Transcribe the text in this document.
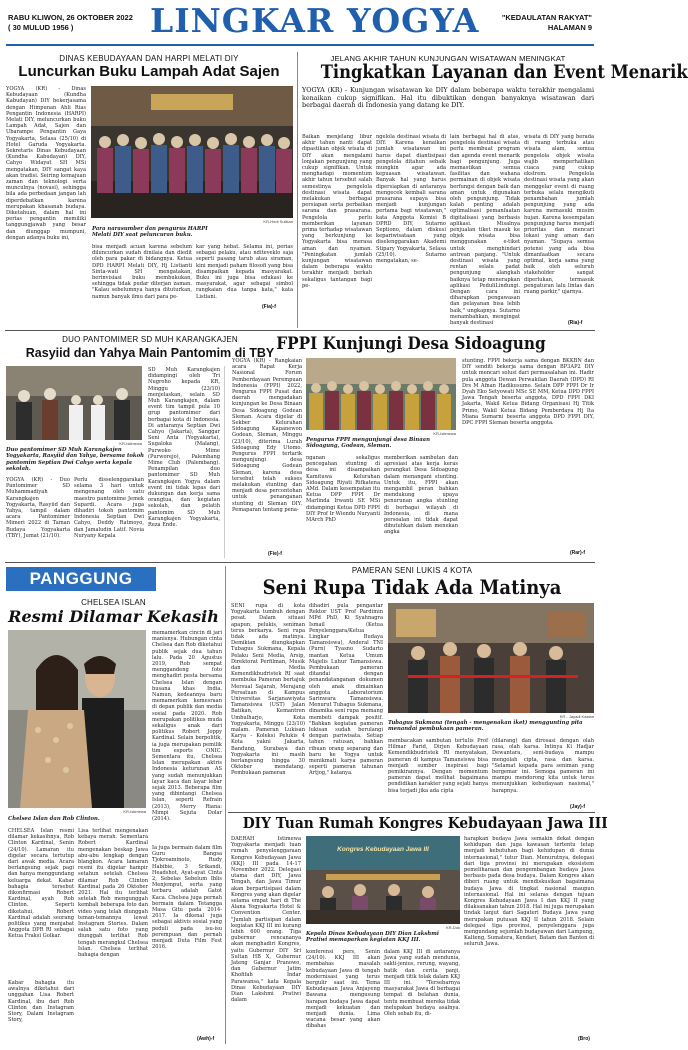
RABU KLIWON, 26 OKTOBER 2022
( 30 MULUD 1956 ) LINGKAR YOGYA	"KEDAULATAN RAKYAT"
HALAMAN 9
DINAS KEBUDAYAAN DAN HARPI MELATI DIY
Luncurkan Buku Lampah Adat Sajen
YOGYA (KR) - Dinas Kebudayaan (Kundha Kabudayan) DIY bekerjasama dengan Himpunan Ahli Rias Pengantin Indonesia (HARPI) Melati DIY, meluncurkan buku Lampah Adat, Sajen dan Ubarampe Pengantin Gaya Yogyakarta, Selasa (25/10) di Hotel Garuda Yogyakarta. Sekretaris Dinas Kebudayaan (Kundha Kabudayan) DIY, Cahyo Widayat SH MSi mengatakan, DIY sangat kaya akan tradisi. Seiring kemajuan zaman dan teknologi serta munculnya (novasi), sehingga bila ada perbedaan jangan lah diperdebatkan karena merupakan khasanah budaya. Diketahuan, dalam hal ini perias pengantin memiliki tanggungjawab yang besar dan diunggap mumpuni, dengan adanya buku ini,
KR-Hedi Sutikan
Para narasumber dan pengurus HARPI Melati DIY saat peluncuran buku.
bisa menjadi acuan karena sebelum diluncurkan sudah dinilaia dan diedit oleh para pakar di bidangnya. Ketua DPD HARPI Melati DIY, Hj Listianti Sinta-wati SH mengatakan, berinvisiasi buku membukukan, sehingga tidak pudar diterjan zaman. "Kalau sebelumnya hanya dituturkan, namun banyak ilmu dari para pe-
kar yang hebat. Selama ini, perias sebagai pelaku, atau nditeveklo saja seperti pasang tarub atau siraman, kini menjadi paham filosofi yang bisa disampaikan kepada masyarakat. Buku ini juga bisa edukasi ke masyarakat, agar sebagai simbol rangkaian dua tanpa kata," kata Listiani.
(Fia)-f
JELANG AKHIR TAHUN KUNJUNGAN WISATAWAN MENINGKAT
Tingkatkan Layanan dan Event Menarik
YOGYA (KR) - Kunjungan wisatawan ke DIY dalam beberapa waktu terakhir mengalami kenaikan cukup signifikan. Hal itu dibuktikan dengan banyaknya wisatawan dari berbagai daerah di Indonesia yang datang ke DIY.
Baikan menjelang libur akhir tahun nanti dapat dipastikan objek wisata di DIY akan mengalami lonjakan pengunjung yang cukup signifikan. Untuk menghadapi momentum akhir tahun tersebut salah semestinya pengelola destinasi wisata dapat melakukan berbagai persiapan serta perbaikan sarana dan prasarana. Pengelola perlu memberikan layanan prima terhadap wisatawan yang berkunjung ke Yogyakarta bisa merasa aman dan nyaman. "Peningkatan jumlah kunjungan wisatawan dalam beberapa waktu terakhir menjadi berkah sekaligus tantangan bagi pe-
ngelola destinasi wisata di DIY. Karena kenaikan jumlah wisatawan ini harus dapat diantisipasi pengelola ditahun sebaik mungkin agar ada kepuasan wisatawan. Banyak hal yang harus dipersiapkan di antaranya mengecek kembali sarana prasarana supaya bisa menjadi kunjungan pertama bagi wisatawan," kata Anggota Komisi B DPRD DIY, Sutarno Septiono, dalam diskusi kepariwisataan yang diselenggarakan Akademi Stipary Yogyakarta, Selasa (25/10). Sutarno mengatakan, se-
lain berbagai hal di atas, pengelola destinasi wisata perlu membuat program dan agenda event menarik bagi pengunjung. Juga memastikan semua fasilitas dan wahana permainan di objek wisata berfungsi dengan baik dan aman untuk digunakan oleh pengunjung. Tidak kalah penting adalah optimalisasi pemanfaatan digitalisasi yang berbasis aplikasi. Misalnya penjualan tiket masuk ke objek wisata bisa menggunakan e-tiket untuk menghindari antrean panjang. "Untuk destinasi wisata yang rentan selalu padat pengunjung alangkah baiknya tetap menerapkan aplikasi PeduliLindungi. Dengan cara ini diharapkan pengawasan dan pelayanan bisa lebih baik," ungkapnya. Sutarno menambahkan, mengingat banyak destinasi
wisata di DIY yang berada di ruang terbuka atau wisata alam, semua pengelola objek wisata wajib memperhatikan cuaca yang cukup ekstrem. Pengelola destinasi wisata yang akan menggelar event di ruang terbuka selalu mengikuti penambahan jumlah pengunjung yang ada karena memasuki musim hujan. Karena kesempatan pengunjung harus menjadi prioritas dan mencari lokasi yang aman dan nyaman. "Supaya semua potensi yang ada bisa dimanfaatkan secara optimal, kerja sama yang baik oleh seluruh stakeholder sangat diperlukan, termasuk pengaturan lalu lintas dan ruang parkir," ujarnya.
(Ria)-f
DUO PANTOMIMER SD MUH KARANGKAJEN
Rasyiid dan Yahya Main Pantomim di TBY
KR-Istimewa
Duo pantomimer SD Muh Karangkajen Yogyakarta, Rasyiid dan Yahya, bersama tokoh pantomim Septian Dwi Cahyo serta kepala sekolah.
YOGYA (KR) - Duo Pantomimer SD Muhammadiyah Karangkajen Yogyakarta, Rasyiid dan Yahya, tampil dalam acara Pantomimer Mimeri 2022 di Taman Budaya Yogyakarta (TBY), Jumat (21/10).
SD Muh Karangkajen didampingi oleh Tri Nugroho kepada KR, Minggu (23/10) menjelaskan, selain SD Muh Karangkajen, dalam event tim tampil pula 10 grup pantomimer dari berbagai kota di Indonesia. Di antaranya Septian Dwi Cahyo (Jakarta), Sanggar Seni Anta (Yogyakarta), Sugaloka (Malang), Purwoko Mime (Purworejo), Palembang Mime Club (Palembang). Penampilan duo pantomimer SD Muh Karangkajen Yogya dalam event ini tidak lepas dari dukungan dan kerja sama orangtua, dan kegiatan sekolah, dan pelatih pantomim SD Muh Karangkajen Yogyakarta, Reza Ende.
Perlu disselenggarakan selama 3 hari untuk mengenang oleh satu maestro pantomime Jemek Supardi. Acara juga dihadiri tokoh pantomim Indonesia Septian Dwi Cahyo, Deddy Ratmoyo, dan Jamaludin Latif. Novia Nuryany Kepala
(Fie)-f
FPPI Kunjungi Desa Sidoagung
YOGYA (KR) - Rangkaian acara Rapat Kerja Nasional Forum Pemberdayaan Perempuan Indonesia (FPPI) 2022, Pengurus FPPI Pusat dan daerah mengadakan kunjungan ke Desa Binaan Desa Sidoagung Godean Sleman. Acara digelar di Sekber Kelurahan Sidoagung Kapanewon Godean, Sleman, Minggu (23/10), diterima Lurah Sidoagung Edy Utomo. Pengurus FPPI tertarik mengunjungi desa Sidoagung Godean Sleman, karena desa tersebut telah sukses melakukan stunting dan menjadi desa percontohan untuk penanganan stunting di Sleman DIY. Pemaparan tentang pena-
KR-Istimewa
Pengurus FPPI mengunjungi desa Binaan Sidoagung, Godean, Sleman.
nganan sekaligus pencegahan stunting di desa ini disampaikan Kamituwa Kelurahan Sidoagung Riyati Rifkatena AMd. Dalam kesempatan itu Ketua DPP FPPI Dr Marlinda Irwanti SE MSi didampingi Ketua DPD FPPI DIY Prof Ir Wiendu Nuryanti MArch PhD
memberikan sambutan dan apresiasi atas kerja keras perangkat Desa Sidoagung dalam menangani stunting. Untuk itu, FPPI akan mengambil peran bahkan mendukung upaya penurunan angka stunting di berbagai wilayah di Indonesia, di mana persoalan ini tidak dapat dibutuhkan dalam menekan angka
stunting. FPPI bekerja sama dengan BKKBN dan DIY senditi bekerja sama dengan BP3AP2 DIY untuk mencari solusi dari permasalahan ini. Hadir pula anggota Dewan Perwakilan Daerah (DPD) RI Drs M Afnan Hadikusumo. Selain DPP FPPI Dr Ir Dyah Eko Setyowati MSc SE MM, Ketua DPD FPPI Jawa Tengah beserta anggota, DPD FPPI DKI Jakarta, Wakil Ketua Bidang Organisasi Hj Titik Primo, Wakil Ketua Bidang Pemberdaya Hj Ita Miana Sumarni beserta anggota DPD FPPI DIY, DPC FPPI Sleman beserta anggota.
(Rar)-f
PANGGUNG
CHELSEA ISLAN
Resmi Dilamar Kekasih
KR-Istimewa
Chelsea Islan dan Rob Clinton.
CHELSEA Islan resmi dilamar kekasihnya, Rob Clinton Kardinal, Senin (24/10). Lamaran itu digelar secara tertutup dari awak media. Acara berlangsung sejak pagi dan hanya menggundang keluarga dekat. Kabar bahagia tersebut dikonfirmasi Robert Kardinal, ayah Rob Clinton. Seperti diketahui, Robert Kardinal adalah seorang politikus yang menjabat Anggota DPR RI sebagai Ketua Fraksi Golkar.
Kabar bahagia itu awalnya diketahui dari unggahan Lisa Robert Kardinal, ibu dari Rob Clinton dan Instagram Story, Dalam Instagram Story,
memamerkan cincin di jari manisnya. Hubungan cinta Chelsea dan Rob diketahui publik sejak dua tahun lalu. Pada 20 Agustus 2019, Rob sempat menggandeng foto menghadiri pesta bersama Chelsea Islan dengan busana khas India. Namun, kedeannya baru memamerkan kemesraan di depan publik dan media sosial pada 2020. Rob merupakan politikus muda sekaligus anak dari politikus Robert Joppy Kardinal. Selain berpolitik, ia juga merupakan pemilik tim esports ONIC. Sementara itu, Chelsea Islan merupakan aktris Indonesia keturunan AS yang sudah menunjukkan layar kaca dan layar lebar sejak 2013. Beberapa film yang dibintangi Chelsea Islan, seperti Refrain (2013), Merry Riana: Mimpi Sejuta Dolar (2014).
Lisa terlihat mengenakan kebaya merah. Sementara Robert Kardinal mengenakan beskap Jawa abu-abu lengkap dengan blangkon. Acara lamaran resmi itu digelar hampir setahun setelah Chelsea dilamar Rob Clinton Kardinal pada 26 Oktober 2021. Hal itu terlihat setelah Rob mengunggah kembali beberapa foto dan video yang telah diunggah teman-temannya lewat Instagram Stories. Dalam salah satu foto yang diunggah terlihat Rob tengah merangkul Chelsea Islan. Chelsea terlihat bahagia dengan
Ia juga bermain dalam film Guru Bangsa Tjokroaminoto, Rudy Habibie, 3 Srikandi, Headshot, Ayat-ayat Cinta 2, Sebelas Sebelum Iblis Menjemput, serta yang terbaru adalah Gatot Kaca. Chelsea juga pernah bermain dalam Tetangga Masa Gitu pada 2014-2017. Ia dikenal juga sebagai aktivis sosial yang peduli pada isu-isu perempuan dan pernah menjadi Duta Film Fest 2016.
(Awh)-f
PAMERAN SENI LUKIS 4 KOTA
Seni Rupa Tidak Ada Matinya
SENI rupa di kota Yogyakarta tumbuh dengan pesat. Dalam situasi apapun, pelukis, seniman terus berkarya. Seni rupa tidak ada matinya. Demikian diungkapkan Tubagus Sukmana, Kepala Pelaku Seni Media, Arsip, Direktorat Perfilman, Musik dan Media Kemendikbudristek RI saat membuka Pameran bertajuk Mersual Sajarah, Merajang Persatuan di Kampus Universitas Sarjanawiyata Tamansiswa (UST) Jalan Batikan, Kemantren Umbulharjo, Kota Yogyakarta, Minggu (23/10) malam. Pameran Lukisan Karya - Koleksi Pelukis 4 Kota yakni Jakarta, Bandung, Surabaya dan Yogyakarta ini masih berlangsung hingga 30 Oktober mendatang. Pembukaan pameran
dihadiri pula pengantar Rektor UST Prof Pardimin MPd PhD, Ki Syahnagra Ismail (Ketua Penyelenggara/Ketua Lingkar Budaya Tamansiswa), Anderal TNI (Purn) Tyasno Sudarto mantan Ketua Umum Majelis Luhur Tamansiswa. Pembukaan pameran ditandai dengan penandatanganan dokumen oleh anak dimainkan anggota Laboratorium Sarinwara Tamansiswa. Menurut Tubagus Sukmana, dinamika seni rupa memang membeti dampak positif. "Bahkan kegiatan pameran lukisan sudah berulangi dengan pariwisata. Setiap tahun ratusan, bahkan ribuan orang separang dan baru ke Yogya untuk menikmati karya pameran seperti pameran tahunan Artjog," katanya.
KR - Jayadi Kastari
Tubagus Sukmana (tengah - mengenakan iket) menggunting pita menandai pembukaan pameran.
membacakan sambutan tertulis Prof Hilmar Farid, Dirjen Kebudayaan Kemendikbudristek RI menyatakan, pameran di kampus Tamansiswa bisa menjadi sumber inspirasi bagi pemikirannya. Dengan momentum pameran dapat melihat bagaimana pendidikan karakter yang sejati hanya bisa terjadi jika ada cipta
(dilarang) dan dirosasi dengan olah rasa, olah karsa. Intinya Ki Hadjar Dewantara, seni-budaya mampu mengolah cipta, rasa dan karsa. "Selamat kepada para seniman yang bergemar ini. Semoga pameran ini mampu mendorong kita untuk terus menunjukkan kebudayaan nasional," harapnya.
(Jay)-f
DIY Tuan Rumah Kongres Kebudayaan Jawa III
DAERAH Istimewa Yogyakarta menjadi tuan rumah penyelenggaraan Kongres Kebudayaan Jawa (KKJ) III pada 14-17 November 2022. Delegasi utama dari DIY, Jawa Tengah, dan Jawa Timur akan berpartisipasi dalam Kongres yang akan digelar selama empat hari di The Alana Yogyakarta Hotel & Convention Center. "Jumlah partisipan dalam kegiatan KKJ III ini kurang lebih 600 orang. Tiga gubernur rencananya akan menghadiri Kongres, yaitu Gubernur DIY Sri Sultan HB X, Gubernur Jateng Ganjar Pranowo, dan Gubernur Jatim Khofifah Indar Parawansa," kata Kepala Dinas Kebudayaan DIY Dian Lakshmi Pratiwi dalam
Kongres Kebudayaan Jawa III
KR-Dok
Kepala Dinas Kebudayaan DIY Dian Lakshmi Pratiwi memaparkan kegiatan KKJ III.
konferensi pers, Senin (24/10). KKJ III akan membahas masalah kebudayaan Jawa di tengah modernisasi yang terus bergulir saat ini. Tema Kebudayaan Jawa Anjayeng Bawana mengusung harapan budaya Jawa dapat menjadi kekuatan dan menjadi dunia. Lima wacana besar yang akan dibahas
dalam KKJ III di antaranya Jawa yang sudah mendunia, sakti-jenius, rerung, wayang, batik dan cerita panji, menjadi titik tolak dalam KKJ III ini. "Tersebarnya masyarakat Jawa di berbagai tempat di belahan dunia, tentu membuat mereka tidak melupakan budaya asalnya. Oleh sebab itu, di-
harapkan budaya Jawa semakin dekat dengan kehidupan dan juga kawasan tertentu tetap menjadi kebutuhan bagi kehidupan di dunia internasional," tutur Dian. Menurutnya, delegasi dari tiga provinsi ini merupakan ekosistem pemeliharaan dan pengembangan budaya Jawa berbasis pada desa budaya. Dalam Kongres akan diberi ruang untuk mendiskusikan bagaimana budaya Jawa di tingkat nasional maupun internasional. Hal ini selaras dengan tujuan Kongres Kebudayaan Jawa I dan KKJ II yang dilaksanakan tahun 2018. Hal ini juga merupakan tindak lanjut dari Sagateri Budaya Jawa yang merupakan putusan KKJ II tahun 2018. Selain delegasi tiga provinsi, penyelenggara juga mengundang sejumlah budayawan dari Lampung, Kalteng, Sumatera, Kendari, Batam dan Banten di seluruh Jawa.
(Bro)
